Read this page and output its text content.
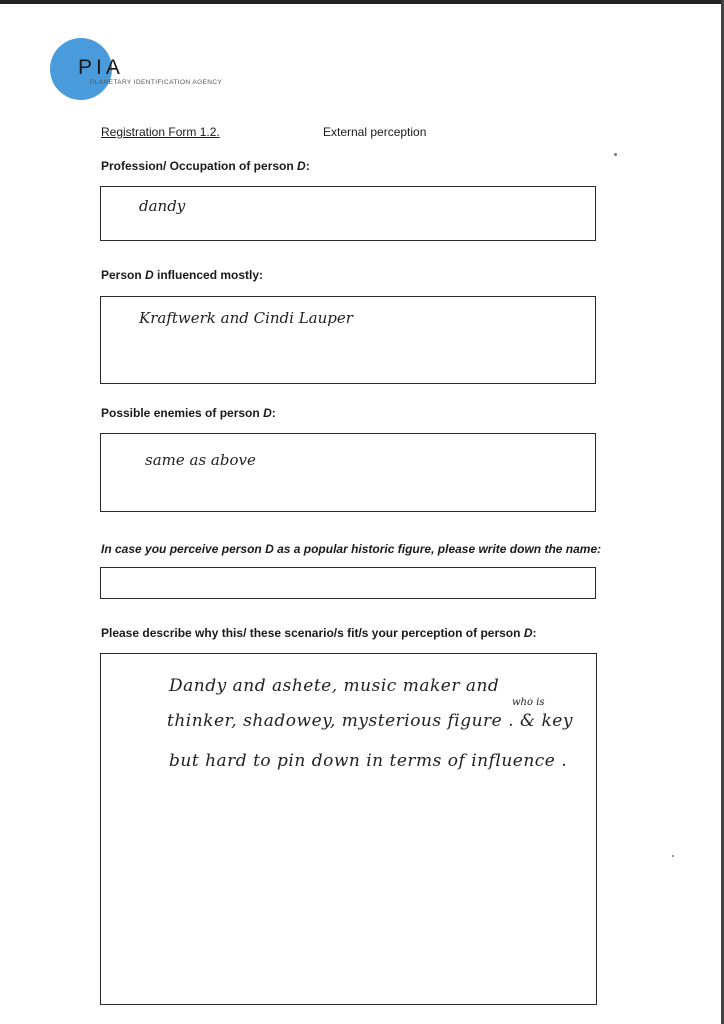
PIA
PLANETARY IDENTIFICATION AGENCY
Registration Form 1.2.	External perception
Profession/ Occupation of person D:
dandy
Person D influenced mostly:
Kraftwerk and Cindi Lauper
Possible enemies of person D:
same as above
In case you perceive person D as a popular historic figure, please write down the name:
Please describe why this/ these scenario/s fit/s your perception of person D:
Dandy and ashete, music maker and
who is
thinker, shadowey, mysterious figure . & key
but hard to pin down in terms of influence .
